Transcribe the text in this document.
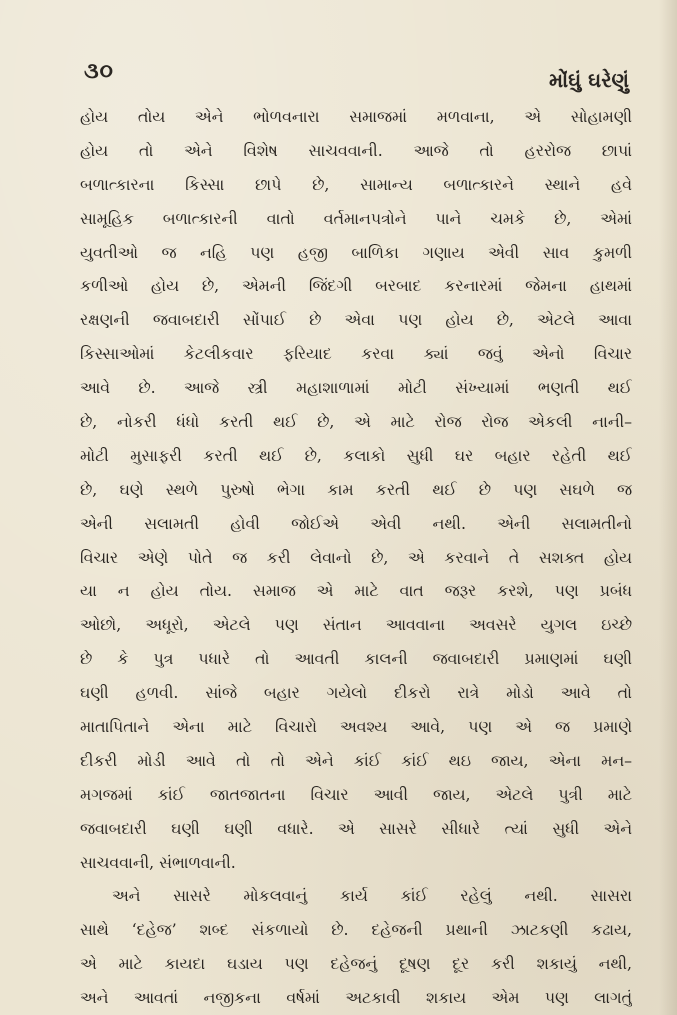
૩૦	મોંઘું ઘરેણું
હોય તોય એને ભોળવનારા સમાજમાં મળવાના, એ સોહામણી
હોય તો એને વિશેષ સાચવવાની. આજે તો હરરોજ છાપાં
બળાત્કારના કિસ્સા છાપે છે, સામાન્ય બળાત્કારને સ્થાને હવે
સામૂહિક બળાત્કારની વાતો વર્તમાનપત્રોને પાને ચમકે છે, એમાં
યુવતીઓ જ નહિ પણ હજી બાળિકા ગણાય એવી સાવ કુમળી
કળીઓ હોય છે, એમની જિંદગી બરબાદ કરનારમાં જેમના હાથમાં
રક્ષણની જવાબદારી સોંપાઈ છે એવા પણ હોય છે, એટલે આવા
કિસ્સાઓમાં કેટલીકવાર ફરિયાદ કરવા ક્યાં જવું એનો વિચાર
આવે છે. આજે સ્ત્રી મહાશાળામાં મોટી સંખ્યામાં ભણતી થઈ
છે, નોકરી ધંધો કરતી થઈ છે, એ માટે રોજ રોજ એકલી નાની–
મોટી મુસાફરી કરતી થઈ છે, કલાકો સુધી ઘર બહાર રહેતી થઈ
છે, ઘણે સ્થળે પુરુષો ભેગા કામ કરતી થઈ છે પણ સઘળે જ
એની સલામતી હોવી જોઈએ એવી નથી. એની સલામતીનો
વિચાર એણે પોતે જ કરી લેવાનો છે, એ કરવાને તે સશક્ત હોય
યા ન હોય તોય. સમાજ એ માટે વાત જરૂર કરશે, પણ પ્રબંધ
ઓછો, અધૂરો, એટલે પણ સંતાન આવવાના અવસરે યુગલ ઇચ્છે
છે કે પુત્ર પધારે તો આવતી કાલની જવાબદારી પ્રમાણમાં ઘણી
ઘણી હળવી. સાંજે બહાર ગયેલો દીકરો રાત્રે મોડો આવે તો
માતાપિતાને એના માટે વિચારો અવશ્ય આવે, પણ એ જ પ્રમાણે
દીકરી મોડી આવે તો તો એને કાંઈ કાંઈ થઇ જાય, એના મન–
મગજમાં કાંઈ જાતજાતના વિચાર આવી જાય, એટલે પુત્રી માટે
જવાબદારી ઘણી ઘણી વધારે. એ સાસરે સીધારે ત્યાં સુધી એને
સાચવવાની, સંભાળવાની.
અને સાસરે મોકલવાનું કાર્ય કાંઈ રહેલું નથી. સાસરા
સાથે ‘દહેજ’ શબ્દ સંકળાયો છે. દહેજની પ્રથાની ઝાટકણી કઢાય,
એ માટે કાયદા ઘડાય પણ દહેજનું દૂષણ દૂર કરી શકાયું નથી,
અને આવતાં નજીકના વર્ષમાં અટકાવી શકાય એમ પણ લાગતું
